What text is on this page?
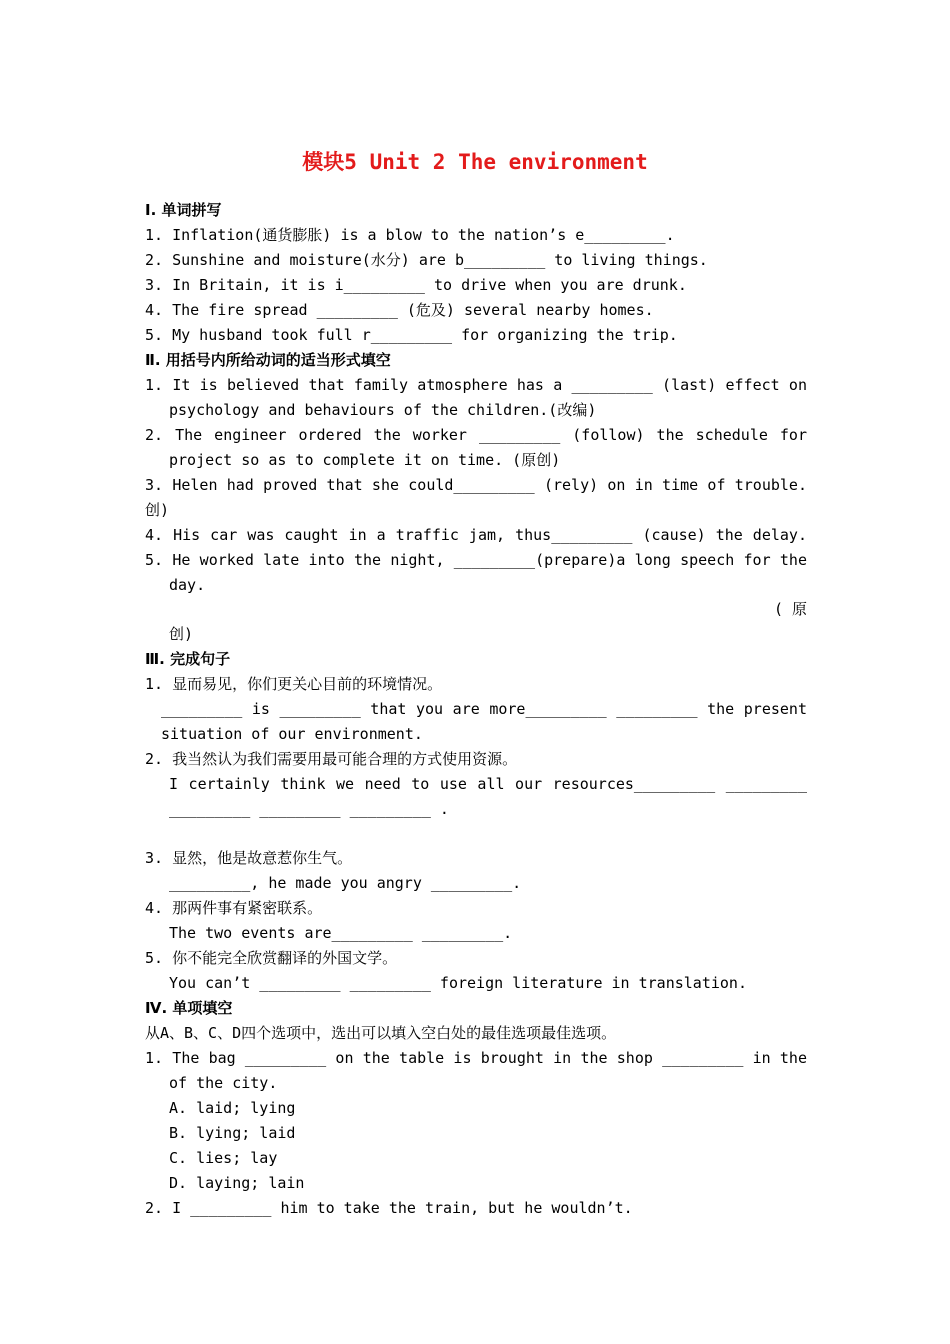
模块5 Unit 2 The environment
Ⅰ. 单词拼写
1. Inflation(通货膨胀) is a blow to the nation’s e_________.
2. Sunshine and moisture(水分) are b_________ to living things.
3. In Britain, it is i_________ to drive when you are drunk.
4. The fire spread _________ (危及) several nearby homes.
5. My husband took full r_________ for organizing the trip.
Ⅱ. 用括号内所给动词的适当形式填空
1. It is believed that family atmosphere has a _________ (last) effect on
psychology and behaviours of the children.(改编)
2. The engineer ordered the worker _________ (follow) the schedule for
project so as to complete it on time. (原创)
3. Helen had proved that she could_________ (rely) on in time of trouble.
创)
4. His car was caught in a traffic jam, thus_________ (cause) the delay.
5. He worked late into the night, _________(prepare)a long speech for the
day.
( 原
创)
Ⅲ. 完成句子
1. 显而易见，你们更关心目前的环境情况。
_________ is _________ that you are more_________ _________ the present
situation of our environment.
2. 我当然认为我们需要用最可能合理的方式使用资源。
I certainly think we need to use all our resources_________ _________
_________ _________ _________ .
3. 显然，他是故意惹你生气。
_________, he made you angry _________.
4. 那两件事有紧密联系。
The two events are_________ _________.
5. 你不能完全欣赏翻译的外国文学。
You can’t _________ _________ foreign literature in translation.
Ⅳ. 单项填空
从A、B、C、D四个选项中，选出可以填入空白处的最佳选项最佳选项。
1. The bag _________ on the table is brought in the shop _________ in the
of the city.
A. laid; lying
B. lying; laid
C. lies; lay
D. laying; lain
2. I _________ him to take the train, but he wouldn’t.
